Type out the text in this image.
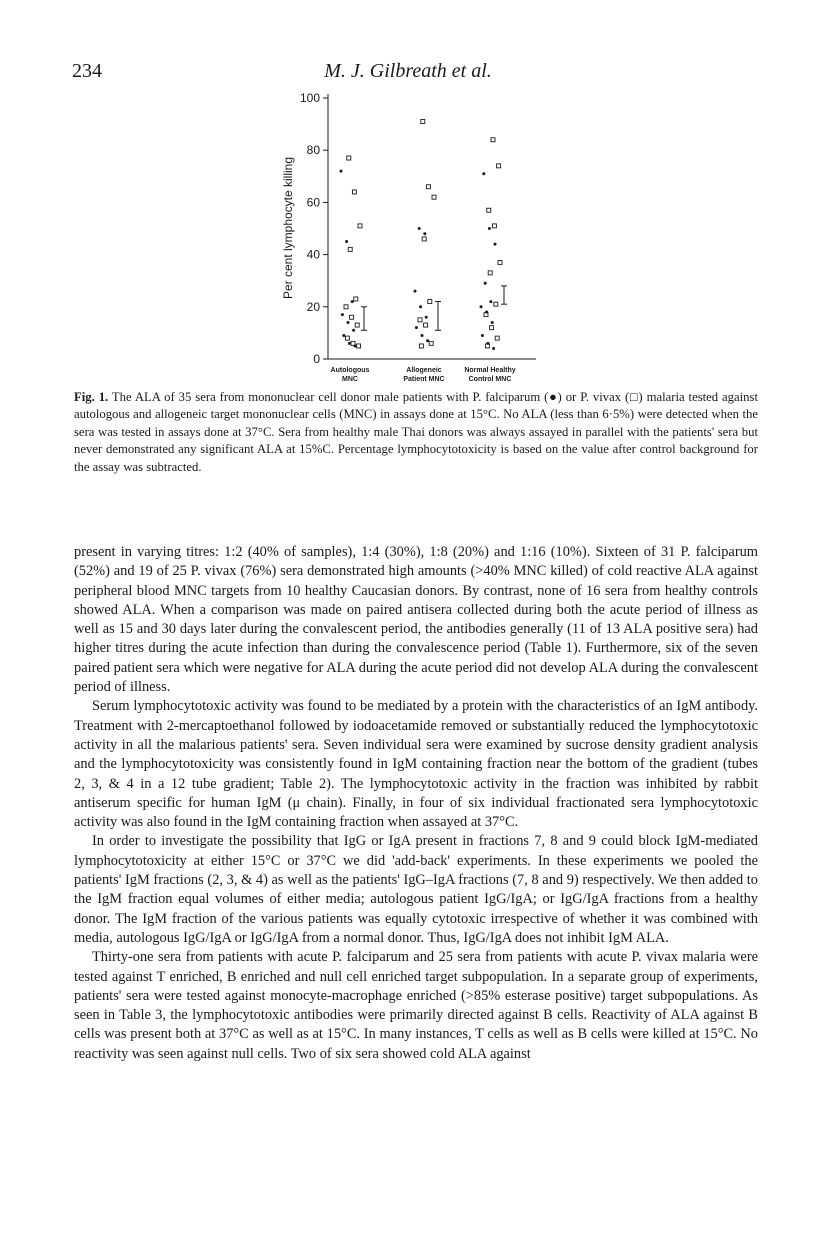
234	M. J. Gilbreath et al.
0
20
40
60
80
100
Per cent lymphocyte killing
Autologous
MNC
Allogeneic
Patient MNC
Normal Healthy
Control MNC

Fig. 1. The ALA of 35 sera from mononuclear cell donor male patients with P. falciparum (●) or P. vivax (□) malaria tested against autologous and allogeneic target mononuclear cells (MNC) in assays done at 15°C. No ALA (less than 6·5%) were detected when the sera was tested in assays done at 37°C. Sera from healthy male Thai donors was always assayed in parallel with the patients' sera but never demonstrated any significant ALA at 15%C. Percentage lymphocytotoxicity is based on the value after control background for the assay was subtracted.

present in varying titres: 1:2 (40% of samples), 1:4 (30%), 1:8 (20%) and 1:16 (10%). Sixteen of 31 P. falciparum (52%) and 19 of 25 P. vivax (76%) sera demonstrated high amounts (>40% MNC killed) of cold reactive ALA against peripheral blood MNC targets from 10 healthy Caucasian donors. By contrast, none of 16 sera from healthy controls showed ALA. When a comparison was made on paired antisera collected during both the acute period of illness as well as 15 and 30 days later during the convalescent period, the antibodies generally (11 of 13 ALA positive sera) had higher titres during the acute infection than during the convalescence period (Table 1). Furthermore, six of the seven paired patient sera which were negative for ALA during the acute period did not develop ALA during the convalescent period of illness.

Serum lymphocytotoxic activity was found to be mediated by a protein with the characteristics of an IgM antibody. Treatment with 2-mercaptoethanol followed by iodoacetamide removed or substantially reduced the lymphocytotoxic activity in all the malarious patients' sera. Seven individual sera were examined by sucrose density gradient analysis and the lymphocytotoxicity was consistently found in IgM containing fraction near the bottom of the gradient (tubes 2, 3, & 4 in a 12 tube gradient; Table 2). The lymphocytotoxic activity in the fraction was inhibited by rabbit antiserum specific for human IgM (μ chain). Finally, in four of six individual fractionated sera lymphocytotoxic activity was also found in the IgM containing fraction when assayed at 37°C.

In order to investigate the possibility that IgG or IgA present in fractions 7, 8 and 9 could block IgM-mediated lymphocytotoxicity at either 15°C or 37°C we did 'add-back' experiments. In these experiments we pooled the patients' IgM fractions (2, 3, & 4) as well as the patients' IgG–IgA fractions (7, 8 and 9) respectively. We then added to the IgM fraction equal volumes of either media; autologous patient IgG/IgA; or IgG/IgA fractions from a healthy donor. The IgM fraction of the various patients was equally cytotoxic irrespective of whether it was combined with media, autologous IgG/IgA or IgG/IgA from a normal donor. Thus, IgG/IgA does not inhibit IgM ALA.

Thirty-one sera from patients with acute P. falciparum and 25 sera from patients with acute P. vivax malaria were tested against T enriched, B enriched and null cell enriched target subpopulation. In a separate group of experiments, patients' sera were tested against monocyte-macrophage enriched (>85% esterase positive) target subpopulations. As seen in Table 3, the lymphocytotoxic antibodies were primarily directed against B cells. Reactivity of ALA against B cells was present both at 37°C as well as at 15°C. In many instances, T cells as well as B cells were killed at 15°C. No reactivity was seen against null cells. Two of six sera showed cold ALA against
